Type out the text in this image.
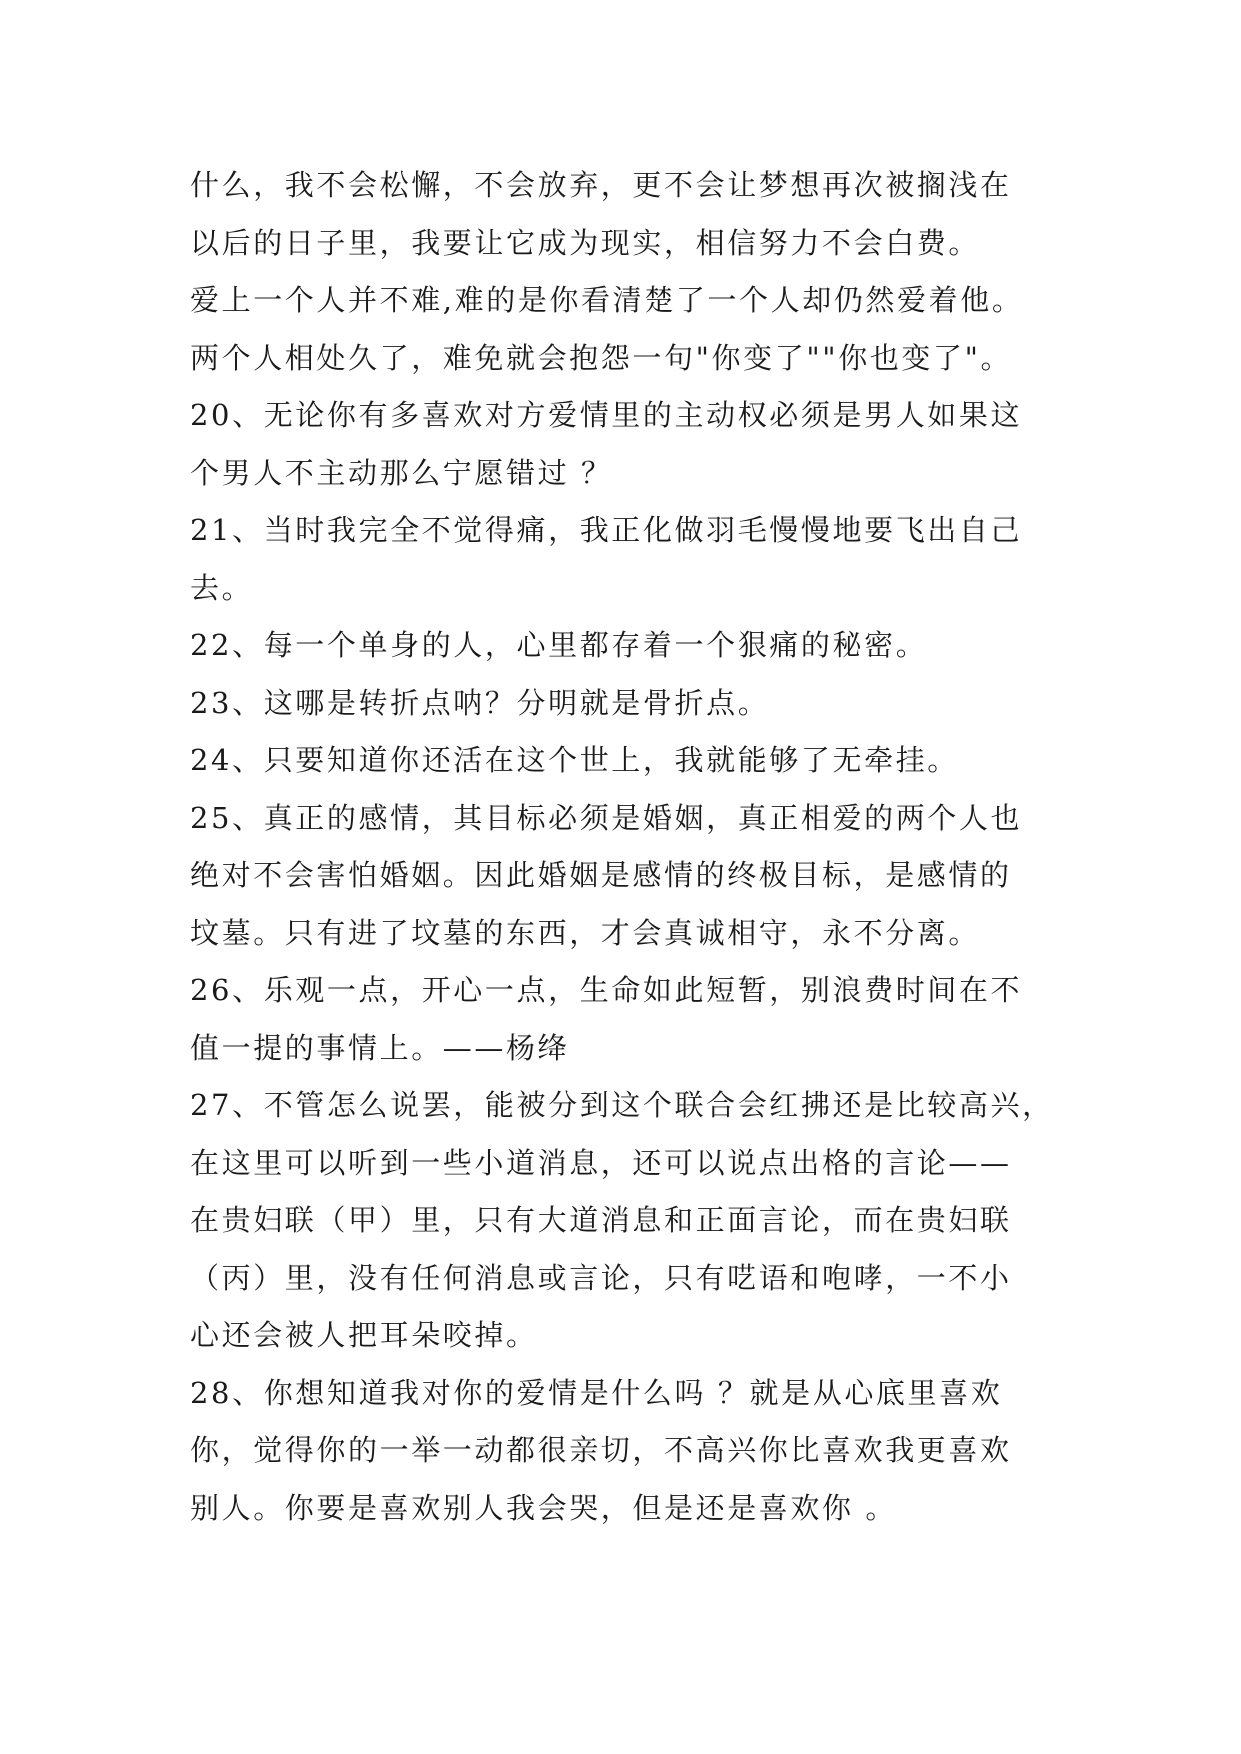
什么，我不会松懈，不会放弃，更不会让梦想再次被搁浅在
以后的日子里，我要让它成为现实，相信努力不会白费。
爱上一个人并不难,难的是你看清楚了一个人却仍然爱着他。
两个人相处久了，难免就会抱怨一句"你变了""你也变了"。
20、无论你有多喜欢对方爱情里的主动权必须是男人如果这
个男人不主动那么宁愿错过 ？
21、当时我完全不觉得痛，我正化做羽毛慢慢地要飞出自己
去。
22、每一个单身的人，心里都存着一个狠痛的秘密。
23、这哪是转折点呐？分明就是骨折点。
24、只要知道你还活在这个世上，我就能够了无牵挂。
25、真正的感情，其目标必须是婚姻，真正相爱的两个人也
绝对不会害怕婚姻。因此婚姻是感情的终极目标，是感情的
坟墓。只有进了坟墓的东西，才会真诚相守，永不分离。
26、乐观一点，开心一点，生命如此短暂，别浪费时间在不
值一提的事情上。——杨绛
27、不管怎么说罢，能被分到这个联合会红拂还是比较高兴，
在这里可以听到一些小道消息，还可以说点出格的言论——
在贵妇联（甲）里，只有大道消息和正面言论，而在贵妇联
（丙）里，没有任何消息或言论，只有呓语和咆哮，一不小
心还会被人把耳朵咬掉。
28、你想知道我对你的爱情是什么吗 ？就是从心底里喜欢
你，觉得你的一举一动都很亲切，不高兴你比喜欢我更喜欢
别人。你要是喜欢别人我会哭，但是还是喜欢你 。
